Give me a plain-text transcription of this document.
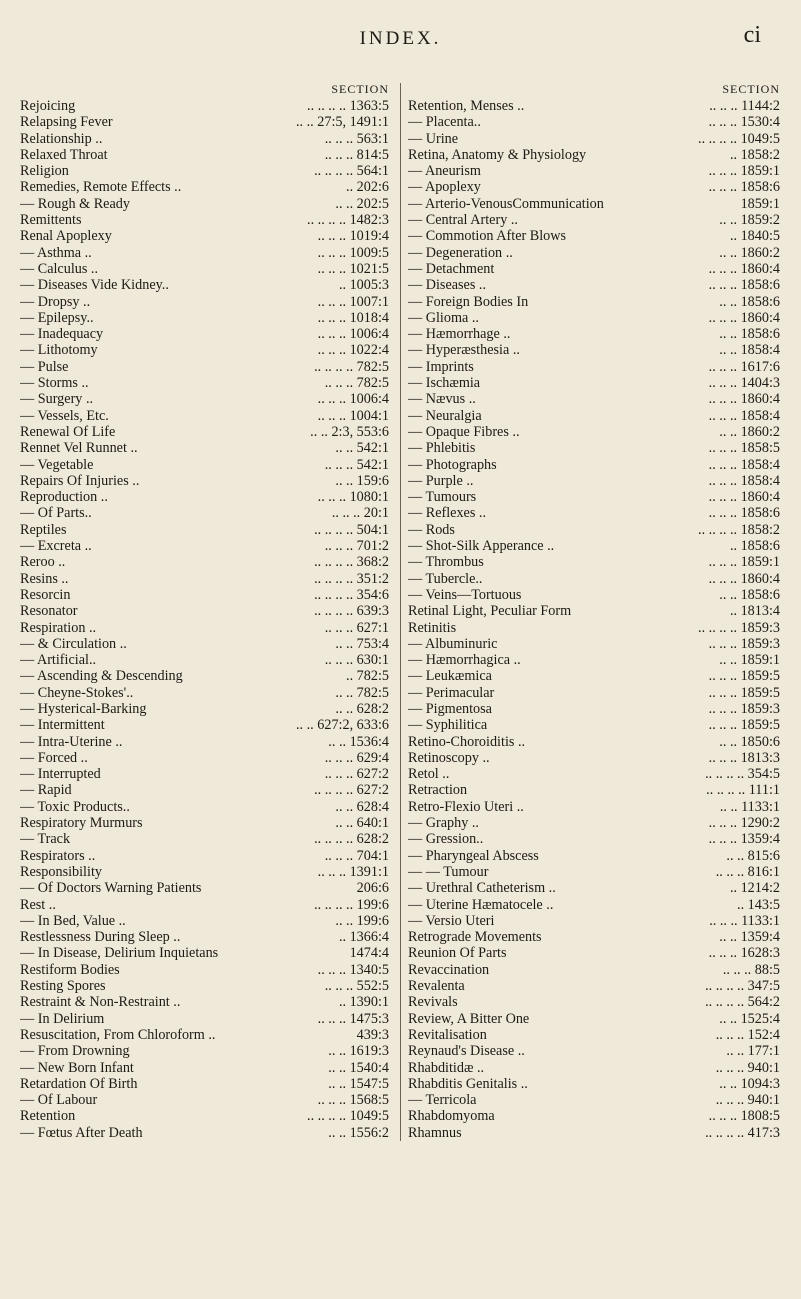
INDEX.	ci
SECTION
Rejoicing	.. .. .. .. 1363:5
Relapsing Fever	.. .. 27:5, 1491:1
Relationship ..	.. .. .. 563:1
Relaxed Throat	.. .. .. 814:5
Religion	.. .. .. .. 564:1
Remedies, Remote Effects ..	.. 202:6
— Rough & Ready	.. .. 202:5
Remittents	.. .. .. .. 1482:3
Renal Apoplexy	.. .. .. 1019:4
— Asthma ..	.. .. .. 1009:5
— Calculus ..	.. .. .. 1021:5
— Diseases Vide Kidney..	.. 1005:3
— Dropsy ..	.. .. .. 1007:1
— Epilepsy..	.. .. .. 1018:4
— Inadequacy	.. .. .. 1006:4
— Lithotomy	.. .. .. 1022:4
— Pulse	.. .. .. .. 782:5
— Storms ..	.. .. .. 782:5
— Surgery ..	.. .. .. 1006:4
— Vessels, Etc.	.. .. .. 1004:1
Renewal Of Life	.. .. 2:3, 553:6
Rennet Vel Runnet ..	.. .. 542:1
— Vegetable	.. .. .. 542:1
Repairs Of Injuries ..	.. .. 159:6
Reproduction ..	.. .. .. 1080:1
— Of Parts..	.. .. .. 20:1
Reptiles	.. .. .. .. 504:1
— Excreta ..	.. .. .. 701:2
Reroo ..	.. .. .. .. 368:2
Resins ..	.. .. .. .. 351:2
Resorcin	.. .. .. .. 354:6
Resonator	.. .. .. .. 639:3
Respiration ..	.. .. .. 627:1
— & Circulation ..	.. .. 753:4
— Artificial..	.. .. .. 630:1
— Ascending & Descending	.. 782:5
— Cheyne-Stokes'..	.. .. 782:5
— Hysterical-Barking	.. .. 628:2
— Intermittent	.. .. 627:2, 633:6
— Intra-Uterine ..	.. .. 1536:4
— Forced ..	.. .. .. 629:4
— Interrupted	.. .. .. 627:2
— Rapid	.. .. .. .. 627:2
— Toxic Products..	.. .. 628:4
Respiratory Murmurs	.. .. 640:1
— Track	.. .. .. .. 628:2
Respirators ..	.. .. .. 704:1
Responsibility	.. .. .. 1391:1
— Of Doctors Warning Patients	206:6
Rest ..	.. .. .. .. 199:6
— In Bed, Value ..	.. .. 199:6
Restlessness During Sleep ..	.. 1366:4
— In Disease, Delirium Inquietans	1474:4
Restiform Bodies	.. .. .. 1340:5
Resting Spores	.. .. .. 552:5
Restraint & Non-Restraint ..	.. 1390:1
— In Delirium	.. .. .. 1475:3
Resuscitation, From Chloroform ..	439:3
— From Drowning	.. .. 1619:3
— New Born Infant	.. .. 1540:4
Retardation Of Birth	.. .. 1547:5
— Of Labour	.. .. .. 1568:5
Retention	.. .. .. .. 1049:5
— Fœtus After Death	.. .. 1556:2
SECTION
Retention, Menses ..	.. .. .. 1144:2
— Placenta..	.. .. .. 1530:4
— Urine	.. .. .. .. 1049:5
Retina, Anatomy & Physiology	.. 1858:2
— Aneurism	.. .. .. 1859:1
— Apoplexy	.. .. .. 1858:6
— Arterio-VenousCommunication	1859:1
— Central Artery ..	.. .. 1859:2
— Commotion After Blows	.. 1840:5
— Degeneration ..	.. .. 1860:2
— Detachment	.. .. .. 1860:4
— Diseases ..	.. .. .. 1858:6
— Foreign Bodies In	.. .. 1858:6
— Glioma ..	.. .. .. 1860:4
— Hæmorrhage ..	.. .. 1858:6
— Hyperæsthesia ..	.. .. 1858:4
— Imprints	.. .. .. 1617:6
— Ischæmia	.. .. .. 1404:3
— Nævus ..	.. .. .. 1860:4
— Neuralgia	.. .. .. 1858:4
— Opaque Fibres ..	.. .. 1860:2
— Phlebitis	.. .. .. 1858:5
— Photographs	.. .. .. 1858:4
— Purple ..	.. .. .. 1858:4
— Tumours	.. .. .. 1860:4
— Reflexes ..	.. .. .. 1858:6
— Rods	.. .. .. .. 1858:2
— Shot-Silk Apperance ..	.. 1858:6
— Thrombus	.. .. .. 1859:1
— Tubercle..	.. .. .. 1860:4
— Veins—Tortuous	.. .. 1858:6
Retinal Light, Peculiar Form	.. 1813:4
Retinitis	.. .. .. .. 1859:3
— Albuminuric	.. .. .. 1859:3
— Hæmorrhagica ..	.. .. 1859:1
— Leukæmica	.. .. .. 1859:5
— Perimacular	.. .. .. 1859:5
— Pigmentosa	.. .. .. 1859:3
— Syphilitica	.. .. .. 1859:5
Retino-Choroiditis ..	.. .. 1850:6
Retinoscopy ..	.. .. .. 1813:3
Retol ..	.. .. .. .. 354:5
Retraction	.. .. .. .. 111:1
Retro-Flexio Uteri ..	.. .. 1133:1
— Graphy ..	.. .. .. 1290:2
— Gression..	.. .. .. 1359:4
— Pharyngeal Abscess	.. .. 815:6
— — Tumour	.. .. .. 816:1
— Urethral Catheterism ..	.. 1214:2
— Uterine Hæmatocele ..	.. 143:5
— Versio Uteri	.. .. .. 1133:1
Retrograde Movements	.. .. 1359:4
Reunion Of Parts	.. .. .. 1628:3
Revaccination	.. .. .. 88:5
Revalenta	.. .. .. .. 347:5
Revivals	.. .. .. .. 564:2
Review, A Bitter One	.. .. 1525:4
Revitalisation	.. .. .. 152:4
Reynaud's Disease ..	.. .. 177:1
Rhabditidæ ..	.. .. .. 940:1
Rhabditis Genitalis ..	.. .. 1094:3
— Terricola	.. .. .. 940:1
Rhabdomyoma	.. .. .. 1808:5
Rhamnus	.. .. .. .. 417:3
